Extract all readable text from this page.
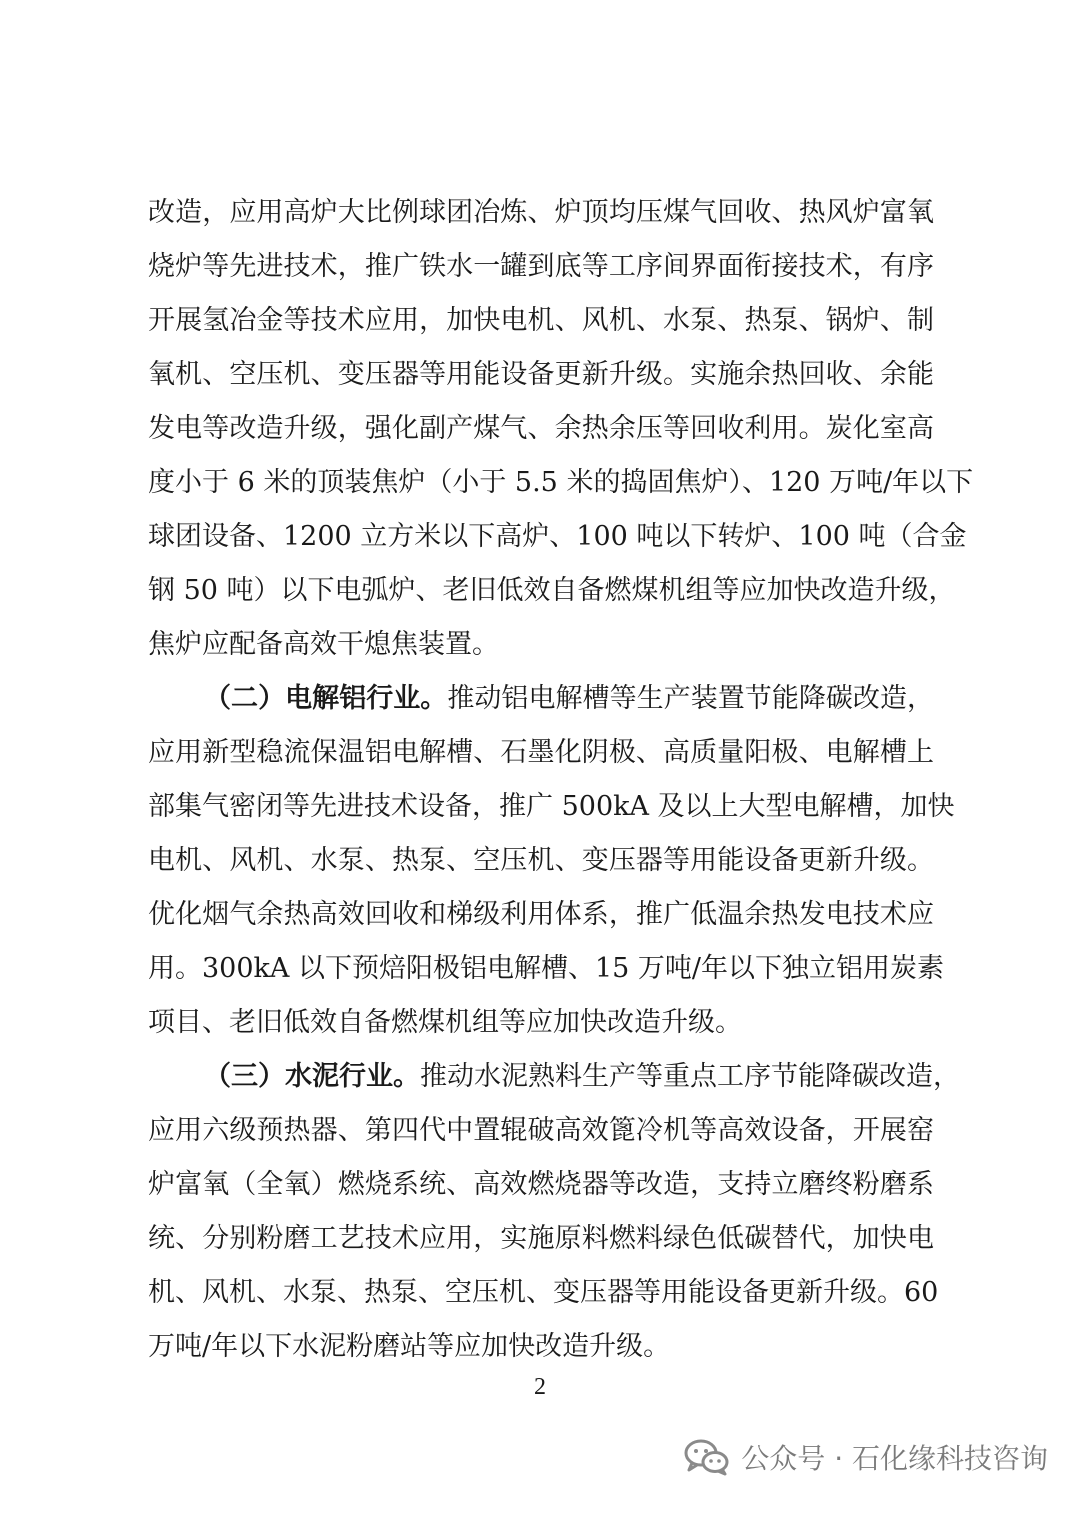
改造，应用高炉大比例球团冶炼、炉顶均压煤气回收、热风炉富氧
烧炉等先进技术，推广铁水一罐到底等工序间界面衔接技术，有序
开展氢冶金等技术应用，加快电机、风机、水泵、热泵、锅炉、制
氧机、空压机、变压器等用能设备更新升级。实施余热回收、余能
发电等改造升级，强化副产煤气、余热余压等回收利用。炭化室高
度小于 6 米的顶装焦炉（小于 5.5 米的捣固焦炉）、120 万吨/年以下
球团设备、1200 立方米以下高炉、100 吨以下转炉、100 吨（合金
钢 50 吨）以下电弧炉、老旧低效自备燃煤机组等应加快改造升级，
焦炉应配备高效干熄焦装置。
（二）电解铝行业。推动铝电解槽等生产装置节能降碳改造，
应用新型稳流保温铝电解槽、石墨化阴极、高质量阳极、电解槽上
部集气密闭等先进技术设备，推广 500kA 及以上大型电解槽，加快
电机、风机、水泵、热泵、空压机、变压器等用能设备更新升级。
优化烟气余热高效回收和梯级利用体系，推广低温余热发电技术应
用。300kA 以下预焙阳极铝电解槽、15 万吨/年以下独立铝用炭素
项目、老旧低效自备燃煤机组等应加快改造升级。
（三）水泥行业。推动水泥熟料生产等重点工序节能降碳改造，
应用六级预热器、第四代中置辊破高效篦冷机等高效设备，开展窑
炉富氧（全氧）燃烧系统、高效燃烧器等改造，支持立磨终粉磨系
统、分别粉磨工艺技术应用，实施原料燃料绿色低碳替代，加快电
机、风机、水泵、热泵、空压机、变压器等用能设备更新升级。60
万吨/年以下水泥粉磨站等应加快改造升级。
2
公众号 · 石化缘科技咨询
